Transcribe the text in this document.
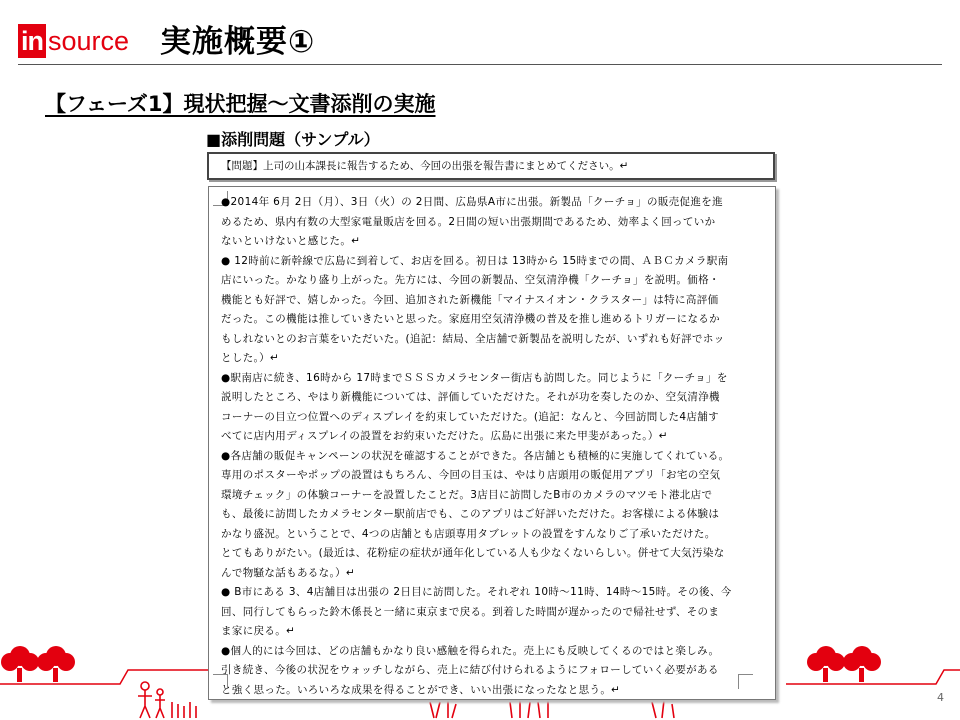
in source 実施概要①
【フェーズ1】現状把握～文書添削の実施
■添削問題（サンプル）
【問題】上司の山本課長に報告するため、今回の出張を報告書にまとめてください。↵
●2014年 6月 2日（月）、3日（火）の 2日間、広島県A市に出張。新製品「クーチョ」の販売促進を進
めるため、県内有数の大型家電量販店を回る。2日間の短い出張期間であるため、効率よく回っていか
ないといけないと感じた。↵
● 12時前に新幹線で広島に到着して、お店を回る。初日は 13時から 15時までの間、ＡＢＣカメラ駅南
店にいった。かなり盛り上がった。先方には、今回の新製品、空気清浄機「クーチョ」を説明。価格・
機能とも好評で、嬉しかった。今回、追加された新機能「マイナスイオン・クラスター」は特に高評価
だった。この機能は推していきたいと思った。家庭用空気清浄機の普及を推し進めるトリガーになるか
もしれないとのお言葉をいただいた。(追記：結局、全店舗で新製品を説明したが、いずれも好評でホッ
とした。）↵
●駅南店に続き、16時から 17時までＳＳＳカメラセンター街店も訪問した。同じように「クーチョ」を
説明したところ、やはり新機能については、評価していただけた。それが功を奏したのか、空気清浄機
コーナーの目立つ位置へのディスプレイを約束していただけた。(追記：なんと、今回訪問した4店舗す
べてに店内用ディスプレイの設置をお約束いただけた。広島に出張に来た甲斐があった。）↵
●各店舗の販促キャンペーンの状況を確認することができた。各店舗とも積極的に実施してくれている。
専用のポスターやポップの設置はもちろん、今回の目玉は、やはり店頭用の販促用アプリ「お宅の空気
環境チェック」の体験コーナーを設置したことだ。3店目に訪問したB市のカメラのマツモト港北店で
も、最後に訪問したカメラセンター駅前店でも、このアプリはご好評いただけた。お客様による体験は
かなり盛況。ということで、4つの店舗とも店頭専用タブレットの設置をすんなりご了承いただけた。
とてもありがたい。(最近は、花粉症の症状が通年化している人も少なくないらしい。併せて大気汚染な
んで物騒な話もあるな。）↵
● B市にある 3、4店舗目は出張の 2日目に訪問した。それぞれ 10時～11時、14時～15時。その後、今
回、同行してもらった鈴木係長と一緒に東京まで戻る。到着した時間が遅かったので帰社せず、そのま
ま家に戻る。↵
●個人的には今回は、どの店舗もかなり良い感触を得られた。売上にも反映してくるのではと楽しみ。
引き続き、今後の状況をウォッチしながら、売上に結び付けられるようにフォローしていく必要がある
と強く思った。いろいろな成果を得ることができ、いい出張になったなと思う。↵
4
